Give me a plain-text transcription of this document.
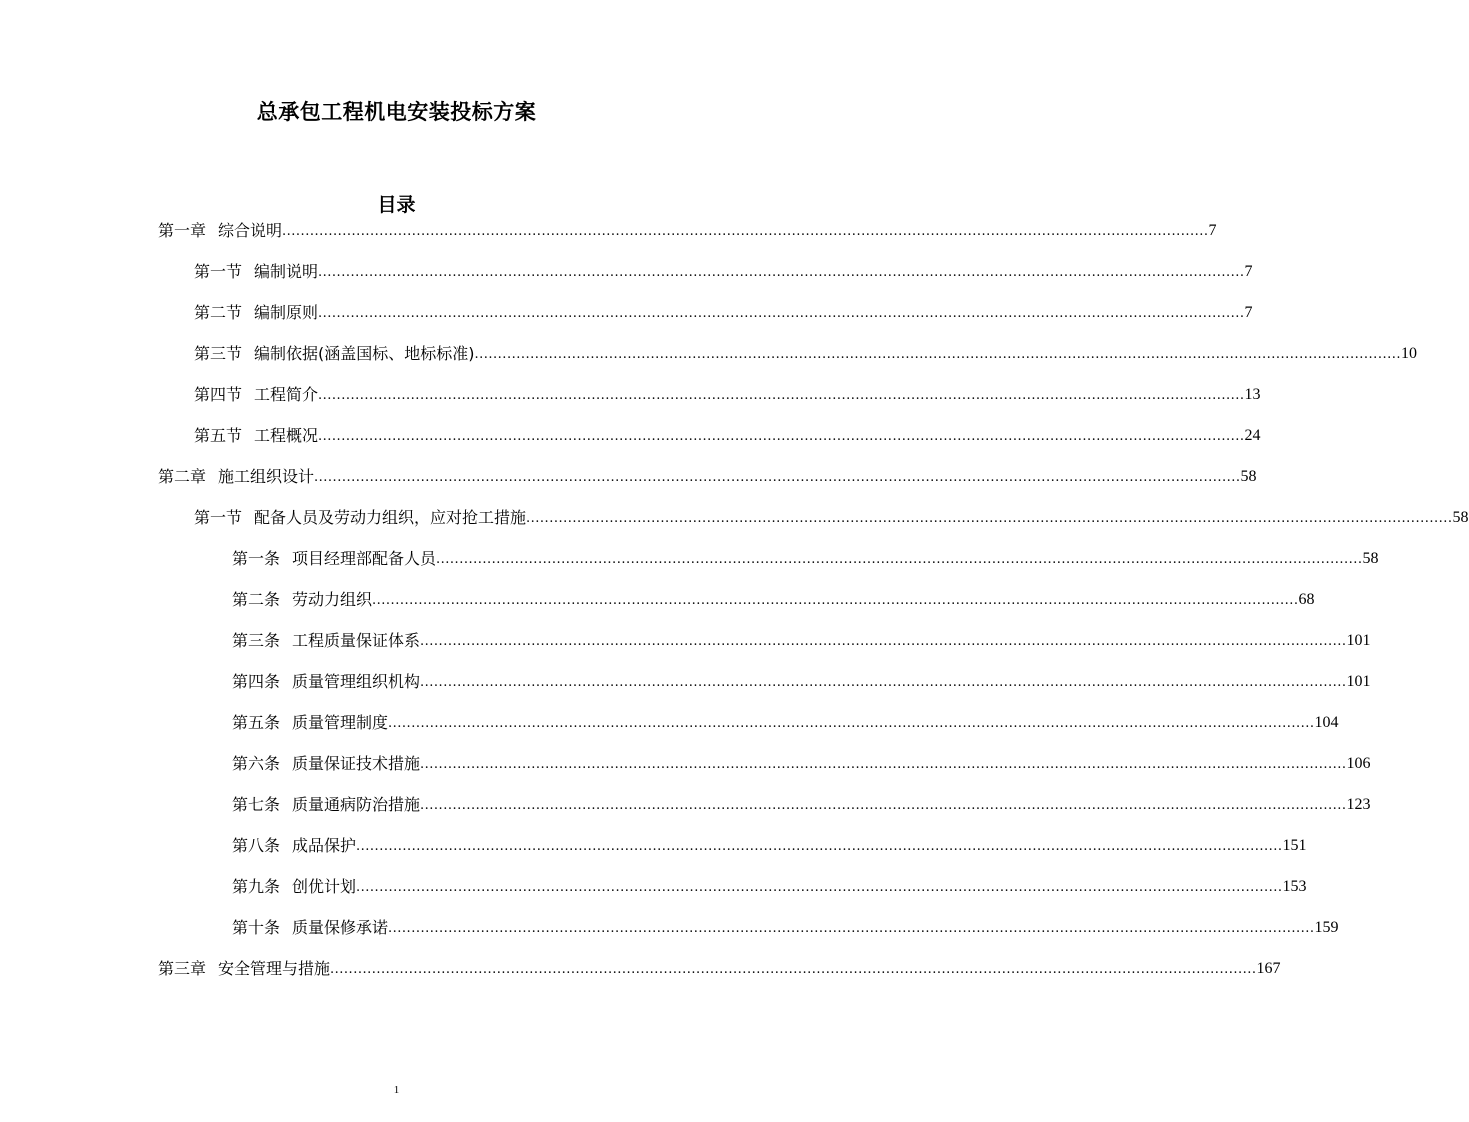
总承包工程机电安装投标方案
目录
第一章 综合说明 ........................................................................................................................................................................................................ 7
第一节 编制说明 ........................................................................................................................................................................................................ 7
第二节 编制原则 ........................................................................................................................................................................................................ 7
第三节 编制依据(涵盖国标、地标标准) ........................................................................................................................................................................................................ 10
第四节 工程简介 ........................................................................................................................................................................................................ 13
第五节 工程概况 ........................................................................................................................................................................................................ 24
第二章 施工组织设计 ........................................................................................................................................................................................................ 58
第一节 配备人员及劳动力组织，应对抢工措施 ........................................................................................................................................................................................................ 58
第一条 项目经理部配备人员 ........................................................................................................................................................................................................ 58
第二条 劳动力组织 ........................................................................................................................................................................................................ 68
第三条 工程质量保证体系 ........................................................................................................................................................................................................ 101
第四条 质量管理组织机构 ........................................................................................................................................................................................................ 101
第五条 质量管理制度 ........................................................................................................................................................................................................ 104
第六条 质量保证技术措施 ........................................................................................................................................................................................................ 106
第七条 质量通病防治措施 ........................................................................................................................................................................................................ 123
第八条 成品保护 ........................................................................................................................................................................................................ 151
第九条 创优计划 ........................................................................................................................................................................................................ 153
第十条 质量保修承诺 ........................................................................................................................................................................................................ 159
第三章 安全管理与措施 ........................................................................................................................................................................................................ 167
1
